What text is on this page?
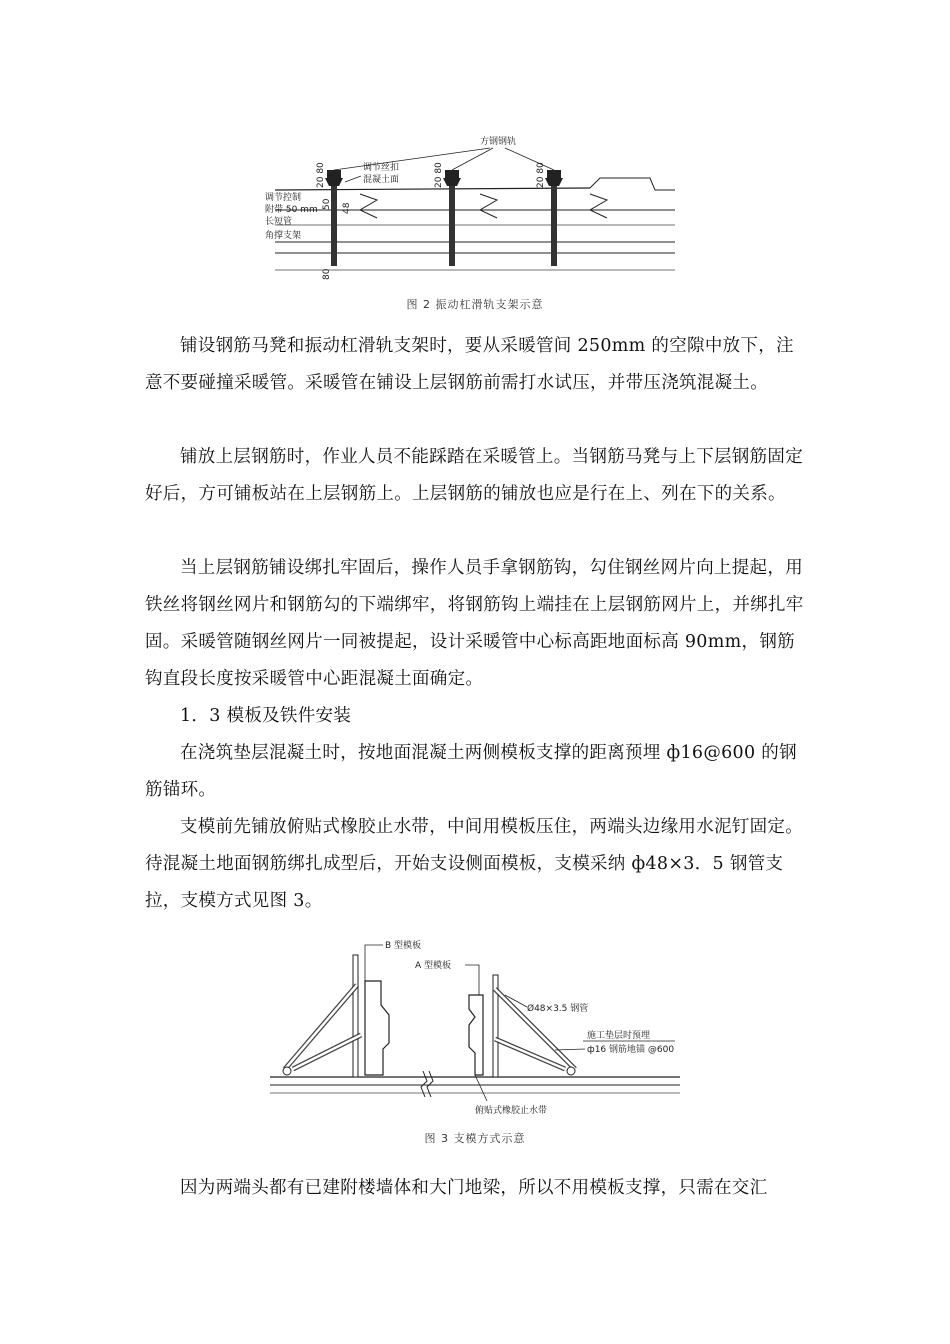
方钢钢轨
调节丝扣
混凝土面
调节控制
附带 50 mm
长短管
角撑支架
20 80	20 80	20 80
50 48
80
图 2 振动杠滑轨支架示意

铺设钢筋马凳和振动杠滑轨支架时，要从采暖管间 250mm 的空隙中放下，注意不要碰撞采暖管。采暖管在铺设上层钢筋前需打水试压，并带压浇筑混凝土。

铺放上层钢筋时，作业人员不能踩踏在采暖管上。当钢筋马凳与上下层钢筋固定好后，方可铺板站在上层钢筋上。上层钢筋的铺放也应是行在上、列在下的关系。

当上层钢筋铺设绑扎牢固后，操作人员手拿钢筋钩，勾住钢丝网片向上提起，用铁丝将钢丝网片和钢筋勾的下端绑牢，将钢筋钩上端挂在上层钢筋网片上，并绑扎牢固。采暖管随钢丝网片一同被提起，设计采暖管中心标高距地面标高 90mm，钢筋钩直段长度按采暖管中心距混凝土面确定。

1．3 模板及铁件安装

在浇筑垫层混凝土时，按地面混凝土两侧模板支撑的距离预埋 ф16@600 的钢筋锚环。

支模前先铺放俯贴式橡胶止水带，中间用模板压住，两端头边缘用水泥钉固定。待混凝土地面钢筋绑扎成型后，开始支设侧面模板，支模采纳 ф48×3．5 钢管支拉，支模方式见图 3。

B 型模板
A 型模板
Ø48×3.5 钢管
施工垫层时预埋
ф16 钢筋地锚 @600
俯贴式橡胶止水带
图 3 支模方式示意

因为两端头都有已建附楼墙体和大门地梁，所以不用模板支撑，只需在交汇
